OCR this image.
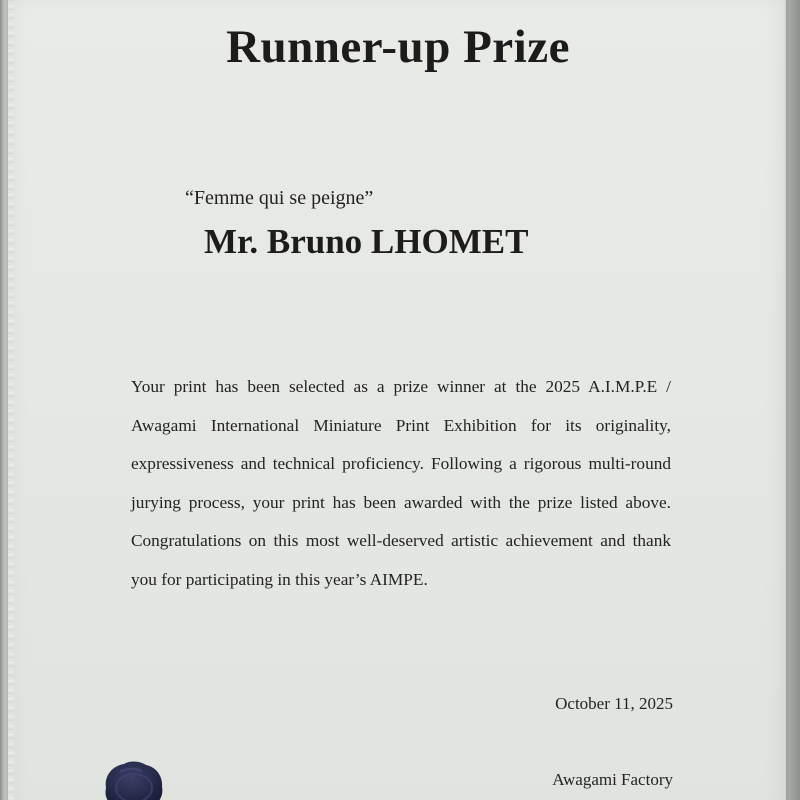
Runner-up Prize
“Femme qui se peigne”
Mr. Bruno LHOMET
Your print has been selected as a prize winner at the 2025 A.I.M.P.E / Awagami International Miniature Print Exhibition for its originality, expressiveness and technical proficiency. Following a rigorous multi-round jurying process, your print has been awarded with the prize listed above. Congratulations on this most well-deserved artistic achievement and thank you for participating in this year’s AIMPE.
October 11, 2025
Awagami Factory
